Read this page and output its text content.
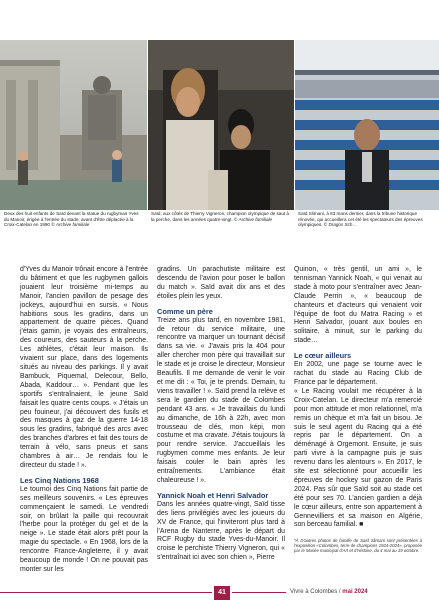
Deux des huit enfants de Saïd devant la statue du rugbyman Yves du Manoir, érigée à l'entrée du stade, avant d'être déplacée à la Croix-Catelan en 1990 © Archive familiale
Saïd, aux côtés de Thierry Vigneron, champion olympique de saut à la perche, dans les années quatre-vingt. © Archive familiale
Saïd Slimani, à 83 mans dernier, dans la tribune historique rénovée, qui accueillera cet été les spectateurs des épreuves olympiques. © Dragos Sch…

d'Yves du Manoir trônait encore à l'entrée du bâtiment et que les rugbymen gallois jouaient leur troisième mi-temps au Manoir, l'ancien pavillon de pesage des jockeys, aujourd'hui en sursis. « Nous habitions sous les gradins, dans un appartement de quatre pièces. Quand j'étais gamin, je voyais des entraîneurs, des coureurs, des sauteurs à la perche. Les athlètes, c'était leur maison. Ils vivaient sur place, dans des logements situés au niveau des parkings. Il y avait Bambuck, Piquemal, Delecour, Bello, Abada, Kaddour… ». Pendant que les sportifs s'entraînaient, le jeune Saïd faisait les quatre cents coups. « J'étais un peu fouineur, j'ai découvert des fusils et des masques à gaz de la guerre 14-18 sous les gradins, fabriqué des arcs avec des branches d'arbres et fait des tours de terrain à vélo, sans pneus et sans chambres à air… Je rendais fou le directeur du stade ! ».

Les Cinq Nations 1968

Le tournoi des Cinq Nations fait partie de ses meilleurs souvenirs. « Les épreuves commençaient le samedi. Le vendredi soir, on brûlait la paille qui recouvrait l'herbe pour la protéger du gel et de la neige ». Le stade était alors prêt pour la magie du spectacle. « En 1968, lors de la rencontre France-Angleterre, il y avait beaucoup de monde ! On ne pouvait pas monter sur les

gradins. Un parachutiste militaire est descendu de l'avion pour poser le ballon du match ». Saïd avait dix ans et des étoiles plein les yeux.

Comme un père

Treize ans plus tard, en novembre 1981, de retour du service militaire, une rencontre va marquer un tournant décisif dans sa vie. « J'avais pris la 404 pour aller chercher mon père qui travaillait sur le stade et je croise le directeur, Monsieur Beaufils. Il me demande de venir le voir et me dit : « Toi, je te prends. Demain, tu viens travailler ! ». Saïd prend la relève et sera le gardien du stade de Colombes pendant 43 ans. « Je travaillais du lundi au dimanche, de 16h à 22h, avec mon trousseau de clés, mon képi, mon costume et ma cravate. J'étais toujours là pour rendre service. J'accueillais les rugbymen comme mes enfants. Je leur faisais couler le bain après les entraînements. L'ambiance était chaleureuse ! ».

Yannick Noah et Henri Salvador

Dans les années quatre-vingt, Saïd tisse des liens privilégiés avec les joueurs du XV de France, qui l'inviteront plus tard à l'Arena de Nanterre, après le départ du RCF Rugby du stade Yves-du-Manoir. Il croise le perchiste Thierry Vigneron, qui « s'entraînait ici avec son chien », Pierre

Quinon, « très gentil, un ami », le tennisman Yannick Noah, « qui venait au stade à moto pour s'entraîner avec Jean-Claude Perrin », « beaucoup de chanteurs et d'acteurs qui venaient voir l'équipe de foot du Matra Racing » et Henri Salvador, jouant aux boules en solitaire, à minuit, sur le parking du stade…

Le cœur ailleurs

En 2002, une page se tourne avec le rachat du stade au Racing Club de France par le département.

« Le Racing voulait me récupérer à la Croix-Catelan. Le directeur m'a remercié pour mon attitude et mon relationnel, m'a remis un chèque et m'a fait un bisou. Je suis le seul agent du Racing qui a été repris par le département. On a déménagé à Orgemont. Ensuite, je suis parti vivre à la campagne puis je suis revenu dans les alentours ». En 2017, le site est sélectionné pour accueillir les épreuves de hockey sur gazon de Paris 2024. Pas sûr que Saïd soit au stade cet été pour ses 70. L'ancien gardien a déjà le cœur ailleurs, entre son appartement à Gennevilliers et sa maison en Algérie, son berceau familial. ■

*À D'autres photos de famille de Saïd Slimani sont présentées à l'exposition «Colombes, terre de champions 1924-2024», proposée par le Musée municipal d'Art et d'Histoire, du 4 mai au 19 octobre.
41	Vivre à Colombes / mai 2024
